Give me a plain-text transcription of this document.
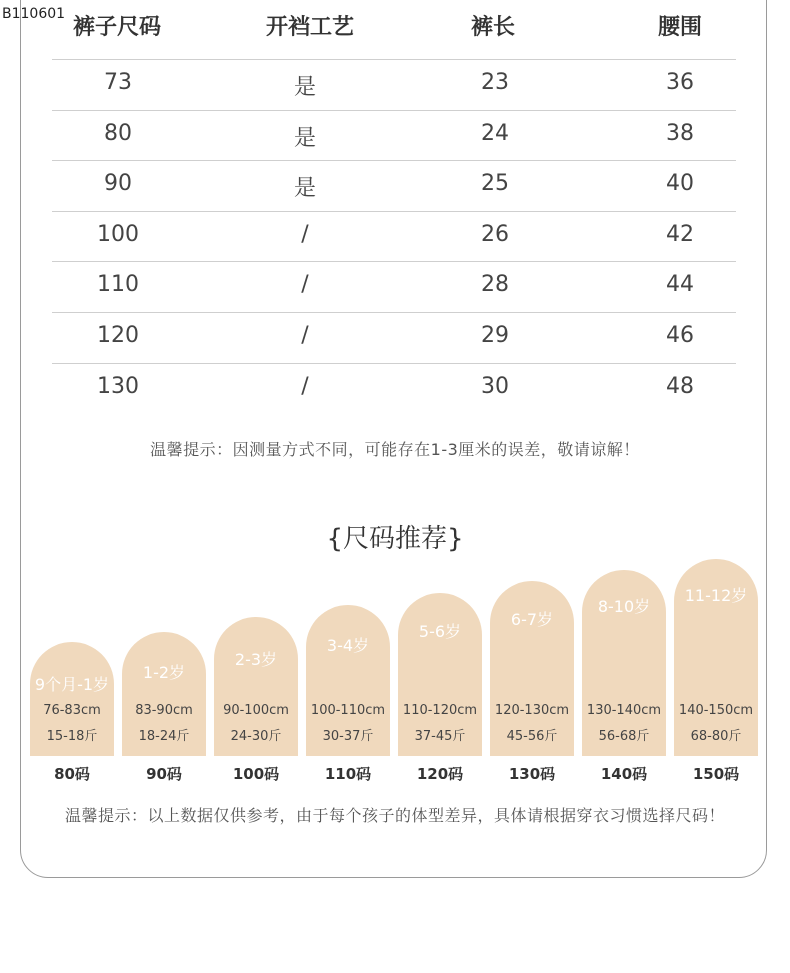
B110601
裤子尺码	开裆工艺	裤长	腰围
73	是	23	36
80	是	24	38
90	是	25	40
100	/	26	42
110	/	28	44
120	/	29	46
130	/	30	48
温馨提示：因测量方式不同，可能存在1-3厘米的误差，敬请谅解！
{尺码推荐}
9个月-1岁
76-83cm
15-18斤
80码
1-2岁
83-90cm
18-24斤
90码
2-3岁
90-100cm
24-30斤
100码
3-4岁
100-110cm
30-37斤
110码
5-6岁
110-120cm
37-45斤
120码
6-7岁
120-130cm
45-56斤
130码
8-10岁
130-140cm
56-68斤
140码
11-12岁
140-150cm
68-80斤
150码
温馨提示：以上数据仅供参考，由于每个孩子的体型差异，具体请根据穿衣习惯选择尺码！
